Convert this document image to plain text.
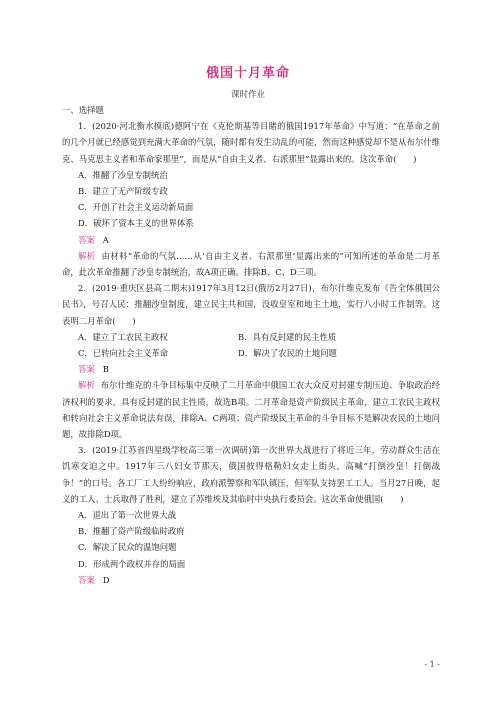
俄国十月革命
课时作业

一、选择题

1．(2020·河北衡水摸底)德阿宁在《克伦斯基等目睹的俄国1917年革命》中写道：“在革命之前的几个月就已经感觉到充满大革命的气氛，随时都有发生动乱的可能，然而这种感觉却不是从布尔什维克、马克思主义者和革命家那里”，而是从“自由主义者、右派那里”显露出来的。这次革命(　　)

A．推翻了沙皇专制统治

B．建立了无产阶级专政

C．开创了社会主义运动新局面

D．破坏了资本主义的世界体系

答案 A

解析 由材料“革命的气氛……从‘自由主义者、右派那里’显露出来的”可知所述的革命是二月革命，此次革命推翻了沙皇专制统治，故A项正确。排除B、C、D三项。

2．(2019·重庆区县高二期末)1917年3月12日(俄历2月27日)，布尔什维克发布《告全体俄国公民书》，号召人民：推翻沙皇制度，建立民主共和国，没收皇室和地主土地，实行八小时工作制等。这表明二月革命(　　)

A．建立了工农民主政权	B．具有反封建的民主性质
C．已转向社会主义革命	D．解决了农民的土地问题

答案 B

解析 布尔什维克的斗争目标集中反映了二月革命中俄国工农大众反对封建专制压迫、争取政治经济权利的要求，具有反封建的民主性质，故选B项。二月革命是资产阶级民主革命，建立工农民主政权和转向社会主义革命说法有误，排除A、C两项；资产阶级民主革命的斗争目标不是解决农民的土地问题，故排除D项。

3．(2019·江苏省四星级学校高三第一次调研)第一次世界大战进行了将近三年，劳动群众生活在饥寒交迫之中。1917年三八妇女节那天，俄国彼得格勒妇女走上街头，高喊“打倒沙皇！打倒战争！”的口号。各工厂工人纷纷响应，政府派警察和军队镇压，但军队支持罢工工人。当月27日晚，起义的工人、士兵取得了胜利，建立了苏维埃及其临时中央执行委员会。这次革命使俄国(　　)

A．退出了第一次世界大战

B．推翻了资产阶级临时政府

C．解决了民众的温饱问题

D．形成两个政权并存的局面

答案 D

- 1 -
